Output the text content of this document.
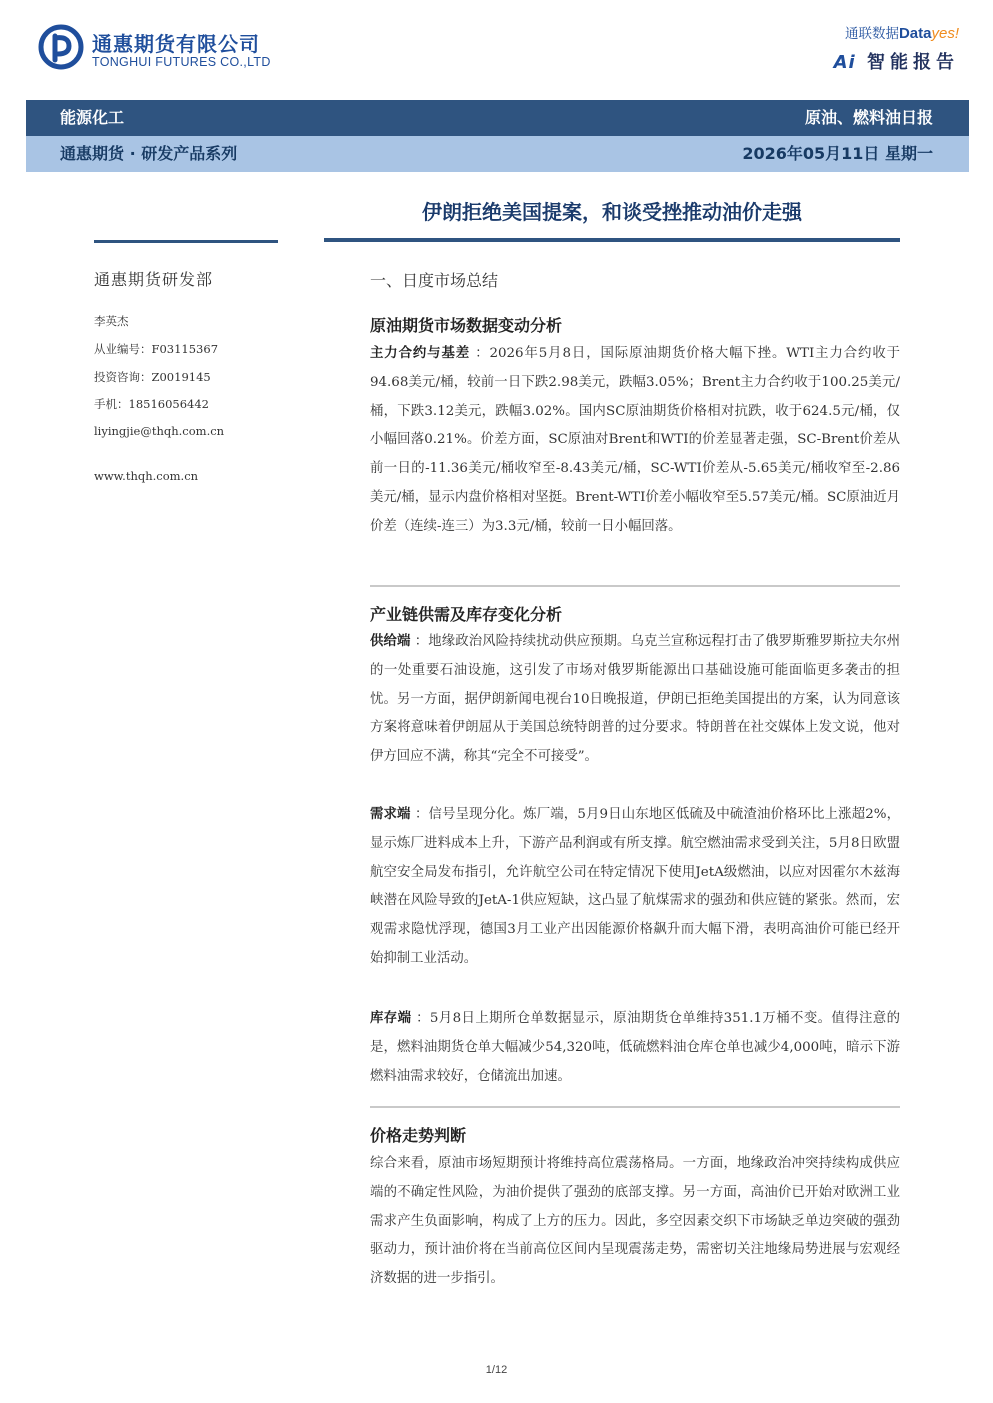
通惠期货有限公司
TONGHUI FUTURES CO.,LTD
通联数据Datayes!
Ai 智能报告
能源化工	原油、燃料油日报
通惠期货 · 研发产品系列	2026年05月11日 星期一
伊朗拒绝美国提案，和谈受挫推动油价走强
通惠期货研发部
李英杰
从业编号：F03115367
投资咨询：Z0019145
手机：18516056442
liyingjie@thqh.com.cn
www.thqh.com.cn
一、日度市场总结
原油期货市场数据变动分析
主力合约与基差 ：2026年5月8日，国际原油期货价格大幅下挫。WTI主力合约收于94.68美元/桶，较前一日下跌2.98美元，跌幅3.05%；Brent主力合约收于100.25美元/桶，下跌3.12美元，跌幅3.02%。国内SC原油期货价格相对抗跌，收于624.5元/桶，仅小幅回落0.21%。价差方面，SC原油对Brent和WTI的价差显著走强，SC-Brent价差从前一日的-11.36美元/桶收窄至-8.43美元/桶，SC-WTI价差从-5.65美元/桶收窄至-2.86美元/桶，显示内盘价格相对坚挺。Brent-WTI价差小幅收窄至5.57美元/桶。SC原油近月价差（连续-连三）为3.3元/桶，较前一日小幅回落。
产业链供需及库存变化分析
供给端 ：地缘政治风险持续扰动供应预期。乌克兰宣称远程打击了俄罗斯雅罗斯拉夫尔州的一处重要石油设施，这引发了市场对俄罗斯能源出口基础设施可能面临更多袭击的担忧。另一方面，据伊朗新闻电视台10日晚报道，伊朗已拒绝美国提出的方案，认为同意该方案将意味着伊朗屈从于美国总统特朗普的过分要求。特朗普在社交媒体上发文说，他对伊方回应不满，称其“完全不可接受”。
需求端 ：信号呈现分化。炼厂端，5月9日山东地区低硫及中硫渣油价格环比上涨超2%，显示炼厂进料成本上升，下游产品利润或有所支撑。航空燃油需求受到关注，5月8日欧盟航空安全局发布指引，允许航空公司在特定情况下使用JetA级燃油，以应对因霍尔木兹海峡潜在风险导致的JetA-1供应短缺，这凸显了航煤需求的强劲和供应链的紧张。然而，宏观需求隐忧浮现，德国3月工业产出因能源价格飙升而大幅下滑，表明高油价可能已经开始抑制工业活动。
库存端 ：5月8日上期所仓单数据显示，原油期货仓单维持351.1万桶不变。值得注意的是，燃料油期货仓单大幅减少54,320吨，低硫燃料油仓库仓单也减少4,000吨，暗示下游燃料油需求较好，仓储流出加速。
价格走势判断
综合来看，原油市场短期预计将维持高位震荡格局。一方面，地缘政治冲突持续构成供应端的不确定性风险，为油价提供了强劲的底部支撑。另一方面，高油价已开始对欧洲工业需求产生负面影响，构成了上方的压力。因此，多空因素交织下市场缺乏单边突破的强劲驱动力，预计油价将在当前高位区间内呈现震荡走势，需密切关注地缘局势进展与宏观经济数据的进一步指引。
1/12
